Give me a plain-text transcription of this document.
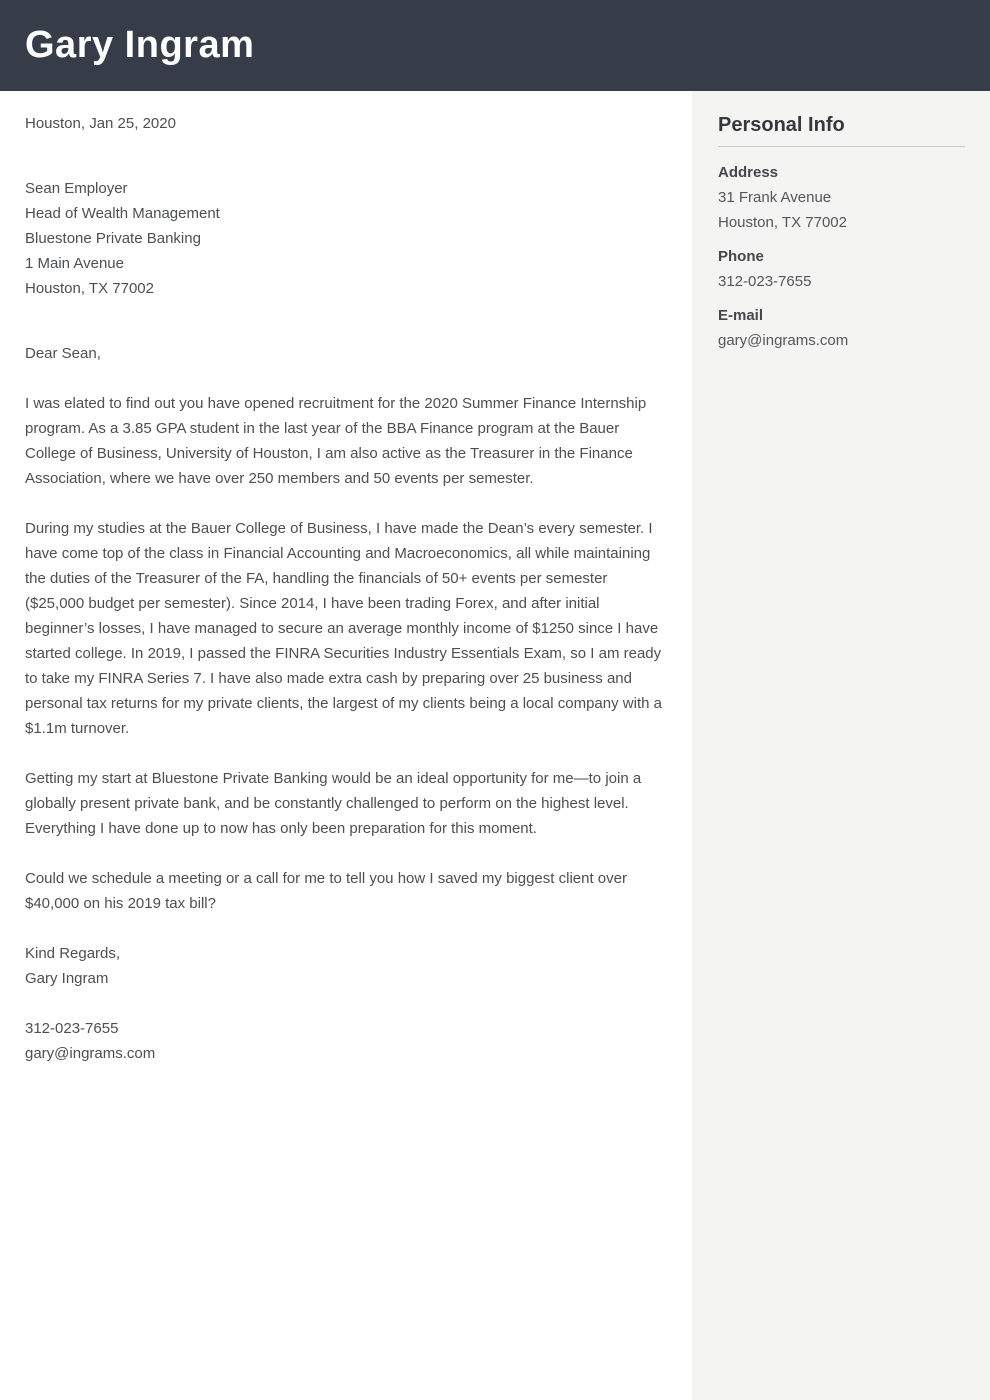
Gary Ingram

Houston, Jan 25, 2020

Sean Employer
Head of Wealth Management
Bluestone Private Banking
1 Main Avenue
Houston, TX 77002

Dear Sean,

I was elated to find out you have opened recruitment for the 2020 Summer Finance Internship program. As a 3.85 GPA student in the last year of the BBA Finance program at the Bauer College of Business, University of Houston, I am also active as the Treasurer in the Finance Association, where we have over 250 members and 50 events per semester.

During my studies at the Bauer College of Business, I have made the Dean’s every semester. I have come top of the class in Financial Accounting and Macroeconomics, all while maintaining the duties of the Treasurer of the FA, handling the financials of 50+ events per semester ($25,000 budget per semester). Since 2014, I have been trading Forex, and after initial beginner’s losses, I have managed to secure an average monthly income of $1250 since I have started college. In 2019, I passed the FINRA Securities Industry Essentials Exam, so I am ready to take my FINRA Series 7. I have also made extra cash by preparing over 25 business and personal tax returns for my private clients, the largest of my clients being a local company with a $1.1m turnover.

Getting my start at Bluestone Private Banking would be an ideal opportunity for me—to join a globally present private bank, and be constantly challenged to perform on the highest level. Everything I have done up to now has only been preparation for this moment.

Could we schedule a meeting or a call for me to tell you how I saved my biggest client over $40,000 on his 2019 tax bill?

Kind Regards,
Gary Ingram
312-023-7655
gary@ingrams.com
Personal Info
Address
31 Frank Avenue
Houston, TX 77002
Phone
312-023-7655
E-mail
gary@ingrams.com
